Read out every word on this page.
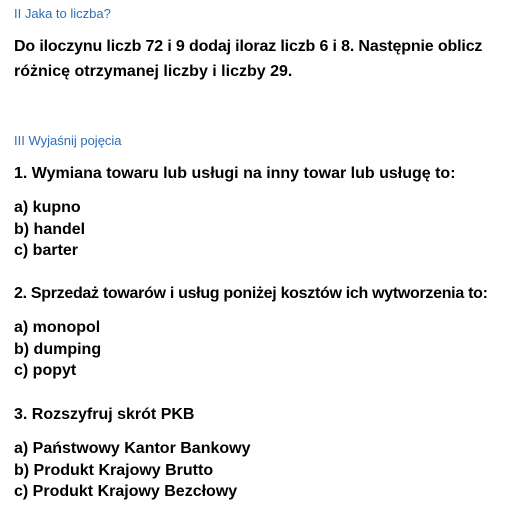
II Jaka to liczba?

Do iloczynu liczb 72 i 9 dodaj iloraz liczb 6 i 8. Następnie oblicz

różnicę otrzymanej liczby i liczby 29.

III Wyjaśnij pojęcia

1. Wymiana towaru lub usługi na inny towar lub usługę to:

a) kupno
b) handel
c) barter

2. Sprzedaż towarów i usług poniżej kosztów ich wytworzenia to:

a) monopol
b) dumping
c) popyt

3. Rozszyfruj skrót PKB

a) Państwowy Kantor Bankowy
b) Produkt Krajowy Brutto
c) Produkt Krajowy Bezcłowy
